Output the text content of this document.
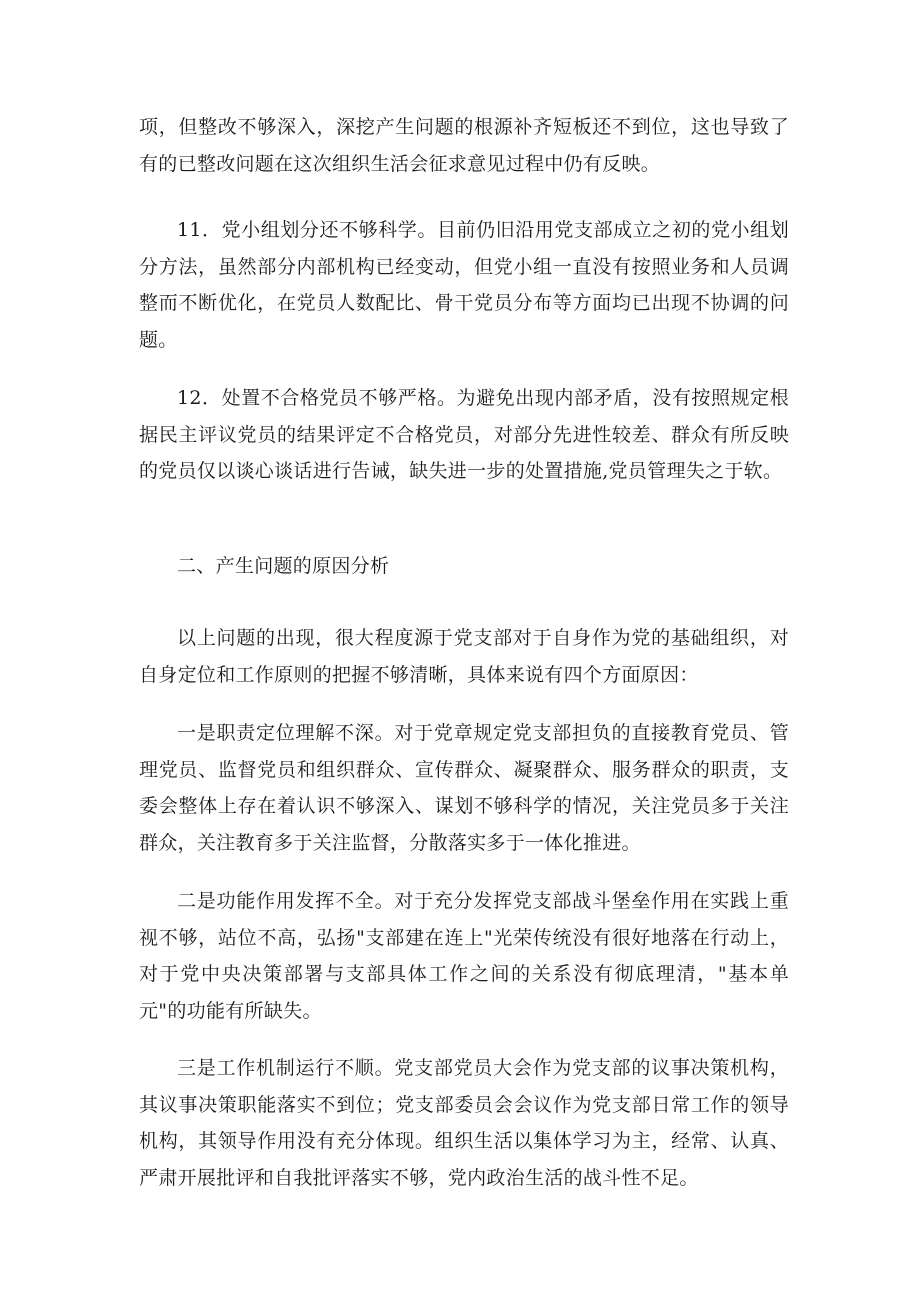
项，但整改不够深入，深挖产生问题的根源补齐短板还不到位，这也导致了有的已整改问题在这次组织生活会征求意见过程中仍有反映。

11．党小组划分还不够科学。目前仍旧沿用党支部成立之初的党小组划分方法，虽然部分内部机构已经变动，但党小组一直没有按照业务和人员调整而不断优化，在党员人数配比、骨干党员分布等方面均已出现不协调的问题。

12．处置不合格党员不够严格。为避免出现内部矛盾，没有按照规定根据民主评议党员的结果评定不合格党员，对部分先进性较差、群众有所反映的党员仅以谈心谈话进行告诫，缺失进一步的处置措施,党员管理失之于软。

二、产生问题的原因分析

以上问题的出现，很大程度源于党支部对于自身作为党的基础组织，对自身定位和工作原则的把握不够清晰，具体来说有四个方面原因：

一是职责定位理解不深。对于党章规定党支部担负的直接教育党员、管理党员、监督党员和组织群众、宣传群众、凝聚群众、服务群众的职责，支委会整体上存在着认识不够深入、谋划不够科学的情况，关注党员多于关注群众，关注教育多于关注监督，分散落实多于一体化推进。

二是功能作用发挥不全。对于充分发挥党支部战斗堡垒作用在实践上重视不够，站位不高，弘扬"支部建在连上"光荣传统没有很好地落在行动上，对于党中央决策部署与支部具体工作之间的关系没有彻底理清，"基本单元"的功能有所缺失。

三是工作机制运行不顺。党支部党员大会作为党支部的议事决策机构，其议事决策职能落实不到位；党支部委员会会议作为党支部日常工作的领导机构，其领导作用没有充分体现。组织生活以集体学习为主，经常、认真、严肃开展批评和自我批评落实不够，党内政治生活的战斗性不足。
